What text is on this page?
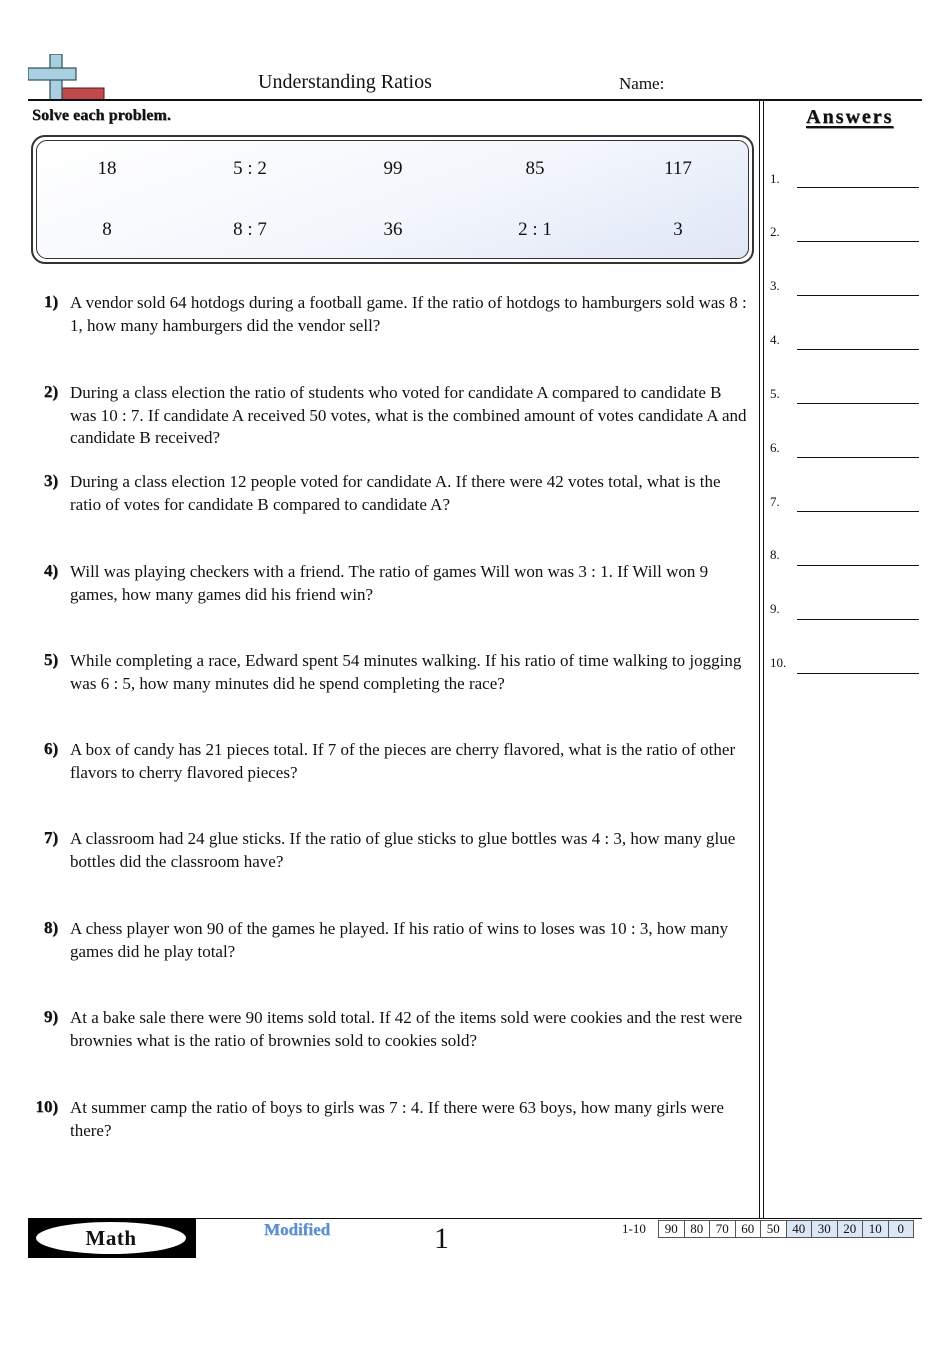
Understanding Ratios	Name:
Solve each problem.
18	5 : 2	99	85	117
8	8 : 7	36	2 : 1	3
Answers
1.
2.
3.
4.
5.
6.
7.
8.
9.
10.
1) A vendor sold 64 hotdogs during a football game. If the ratio of hotdogs to hamburgers sold was 8 : 1, how many hamburgers did the vendor sell?
2) During a class election the ratio of students who voted for candidate A compared to candidate B was 10 : 7. If candidate A received 50 votes, what is the combined amount of votes candidate A and candidate B received?
3) During a class election 12 people voted for candidate A. If there were 42 votes total, what is the ratio of votes for candidate B compared to candidate A?
4) Will was playing checkers with a friend. The ratio of games Will won was 3 : 1. If Will won 9 games, how many games did his friend win?
5) While completing a race, Edward spent 54 minutes walking. If his ratio of time walking to jogging was 6 : 5, how many minutes did he spend completing the race?
6) A box of candy has 21 pieces total. If 7 of the pieces are cherry flavored, what is the ratio of other flavors to cherry flavored pieces?
7) A classroom had 24 glue sticks. If the ratio of glue sticks to glue bottles was 4 : 3, how many glue bottles did the classroom have?
8) A chess player won 90 of the games he played. If his ratio of wins to loses was 10 : 3, how many games did he play total?
9) At a bake sale there were 90 items sold total. If 42 of the items sold were cookies and the rest were brownies what is the ratio of brownies sold to cookies sold?
10) At summer camp the ratio of boys to girls was 7 : 4. If there were 63 boys, how many girls were there?
Math	Modified	1	1-10 90	80	70	60	50	40	30	20	10	0
